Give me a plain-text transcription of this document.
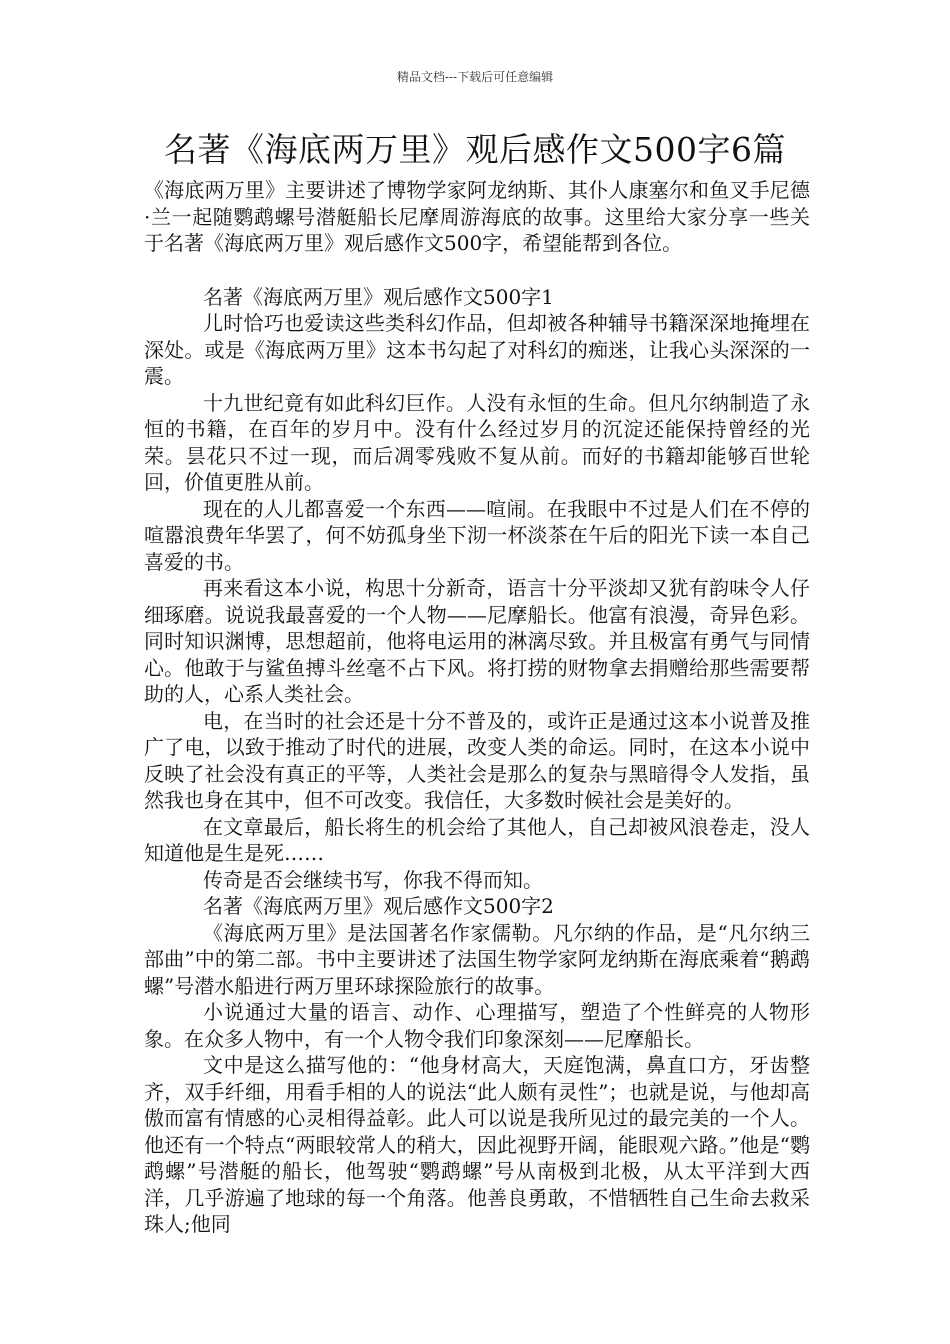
精品文档---下载后可任意编辑
名著《海底两万里》观后感作文500字6篇

《海底两万里》主要讲述了博物学家阿龙纳斯、其仆人康塞尔和鱼叉手尼德·兰一起随鹦鹉螺号潜艇船长尼摩周游海底的故事。这里给大家分享一些关于名著《海底两万里》观后感作文500字，希望能帮到各位。

名著《海底两万里》观后感作文500字1

儿时恰巧也爱读这些类科幻作品，但却被各种辅导书籍深深地掩埋在深处。或是《海底两万里》这本书勾起了对科幻的痴迷，让我心头深深的一震。

十九世纪竟有如此科幻巨作。人没有永恒的生命。但凡尔纳制造了永恒的书籍，在百年的岁月中。没有什么经过岁月的沉淀还能保持曾经的光荣。昙花只不过一现，而后凋零残败不复从前。而好的书籍却能够百世轮回，价值更胜从前。

现在的人儿都喜爱一个东西——喧闹。在我眼中不过是人们在不停的喧嚣浪费年华罢了，何不妨孤身坐下沏一杯淡茶在午后的阳光下读一本自己喜爱的书。

再来看这本小说，构思十分新奇，语言十分平淡却又犹有韵味令人仔细琢磨。说说我最喜爱的一个人物——尼摩船长。他富有浪漫，奇异色彩。同时知识渊博，思想超前，他将电运用的淋漓尽致。并且极富有勇气与同情心。他敢于与鲨鱼搏斗丝毫不占下风。将打捞的财物拿去捐赠给那些需要帮助的人，心系人类社会。

电，在当时的社会还是十分不普及的，或许正是通过这本小说普及推广了电，以致于推动了时代的进展，改变人类的命运。同时，在这本小说中反映了社会没有真正的平等，人类社会是那么的复杂与黑暗得令人发指，虽然我也身在其中，但不可改变。我信任，大多数时候社会是美好的。

在文章最后，船长将生的机会给了其他人，自己却被风浪卷走，没人知道他是生是死……

传奇是否会继续书写，你我不得而知。

名著《海底两万里》观后感作文500字2

《海底两万里》是法国著名作家儒勒。凡尔纳的作品，是“凡尔纳三部曲”中的第二部。书中主要讲述了法国生物学家阿龙纳斯在海底乘着“鹅鹉螺”号潜水船进行两万里环球探险旅行的故事。

小说通过大量的语言、动作、心理描写，塑造了个性鲜亮的人物形象。在众多人物中，有一个人物令我们印象深刻——尼摩船长。

文中是这么描写他的：“他身材高大，天庭饱满，鼻直口方，牙齿整齐，双手纤细，用看手相的人的说法“此人颇有灵性”；也就是说，与他却高傲而富有情感的心灵相得益彰。此人可以说是我所见过的最完美的一个人。他还有一个特点“两眼较常人的稍大，因此视野开阔，能眼观六路。”他是“鹦鹉螺”号潜艇的船长，他驾驶“鹦鹉螺”号从南极到北极，从太平洋到大西洋，几乎游遍了地球的每一个角落。他善良勇敢，不惜牺牲自己生命去救采珠人;他同
